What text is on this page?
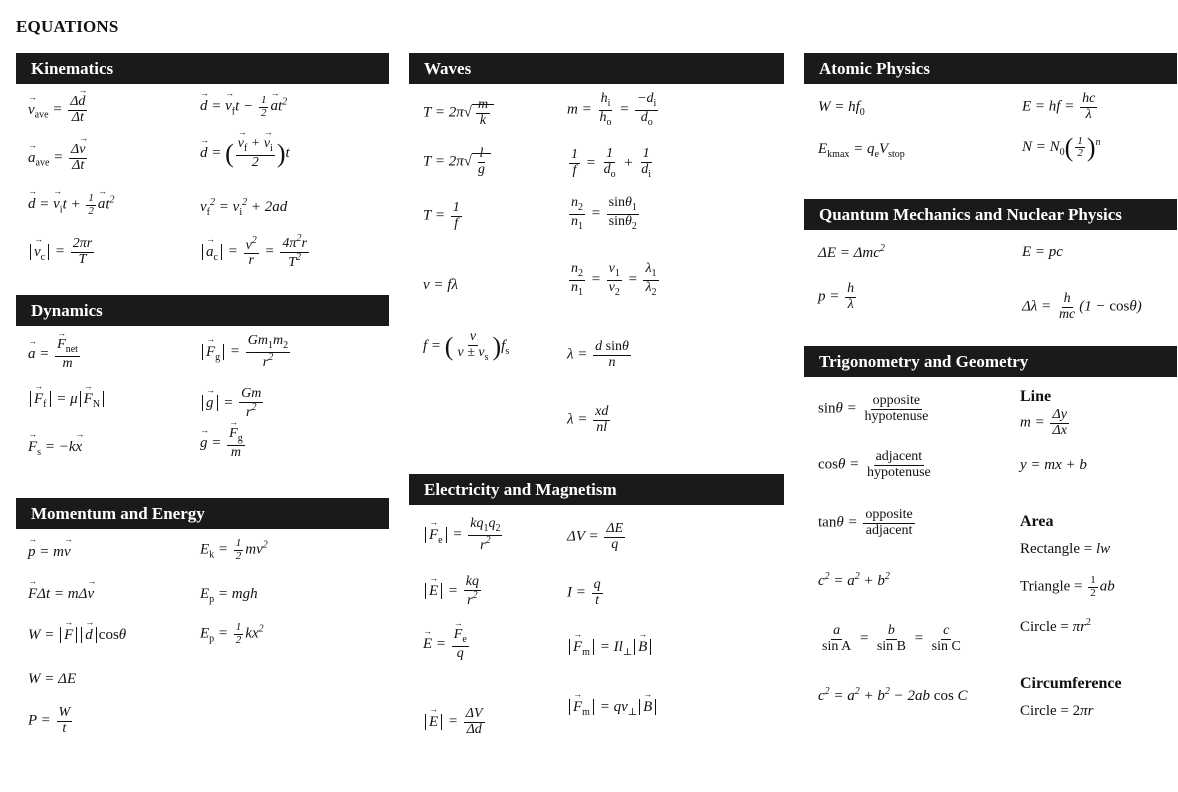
EQUATIONS
Kinematics
Dynamics
Momentum and Energy
Waves
Electricity and Magnetism
Atomic Physics
Quantum Mechanics and Nuclear Physics
Trigonometry and Geometry
→ $v_{ave} = \frac{\Delta\to d}{\Delta t}$
→	d = → $v_ft - \frac{1}{2}$
→ $at^2$
→ $a_{ave} = \frac{\Delta\to v}{\Delta t}$
→	d = (
→ $\frac{v_f + \to v_i}{2} )t$
→ d = → $v_it + \frac{1}{2}$
→ $at^2$	$v_f^2 = v_i^2 + 2ad$
→ $v_c = \frac{2\pi r}{T}$
→	$a_c = \frac{v^2}{r} = \frac{4\pi^2r}{T^2}$
→ a =
→ $F_{net}$
m
→ $F_g = \frac{Gm_1m_2}{r^2}$
→ $F_f = \mu\to F_N$
→	$g = \frac{Gm}{r^2}$
→ $F_s = -k\to x$
→	g =
→ $\frac{F_g}{m}$
→ p = m→ v	$E_k = \frac{1}{2} mv^2$
→ FΔt = mΔ→ v	$E_p$ = mgh
W = → F→ d cosθ	$E_p = \frac{1}{2} kx^2$
W = ΔE
$P = \frac{W}{t}$
$T = 2\pi√ \frac{m}{k}$	$m = \frac{h_i}{h_o} = \frac{-d_i}{d_o}$
$T = 2\pi√ \frac{l}{g}$	$\frac{1}{f} = \frac{1}{d_o} + \frac{1}{d_i}$
$T = \frac{1}{f}$	$\frac{n_2}{n_1} = \frac{\sin\theta_1}{\sin\theta_2}$
v = fλ	$\frac{n_2}{n_1} = \frac{v_1}{v_2} = \frac{\lambda_1}{\lambda_2}$
f = ( $\frac{v}{v \pm v_s} )f_s$	$\lambda = \frac{\text{d sinθ}}{n}$
$\lambda = \frac{xd}{nl}$
→ $F_e = \frac{kq_1q_2}{r^2}$	$\Delta V = \frac{\Delta E}{q}$
→ $E = \frac{kq}{r^2}$	$I = \frac{q}{t}$
→ E =
→ $\frac{F_e}{q}$
→	$F_m = Il_\perp\to B$
→ $E = \frac{\Delta V}{\Delta d}$
→	$F_m = qv_\perp\to B$
$W = hf_0$	E = hf = $\frac{hc}{\lambda}$
$E_{kmax} = q_eV_{stop}$	$N = N_0( \frac{1}{2} )^n$
ΔE = Δmc$^2$	E = pc
$p = \frac{h}{\lambda}$	$\Delta\lambda = \frac{h}{mc} (1 - \cos\theta)$
sinθ =
opposite
hypotenuse
cosθ =
adjacent
hypotenuse
tanθ =
opposite
adjacent
$c^2 = a^2 + b^2$
$\frac{a}{\text{sin A}} = \frac{b}{\text{sin B}} = \frac{c}{\text{sin C}}$
$c^2 = a^2 + b^2 - 2ab$ cos C
Line
$m = \frac{\Delta y}{\Delta x}$
y = mx + b
Area
Rectangle = lw
Triangle = $\frac{1}{2}$ ab
Circle = $\pi r^2$
Circumference
Circle = 2πr
